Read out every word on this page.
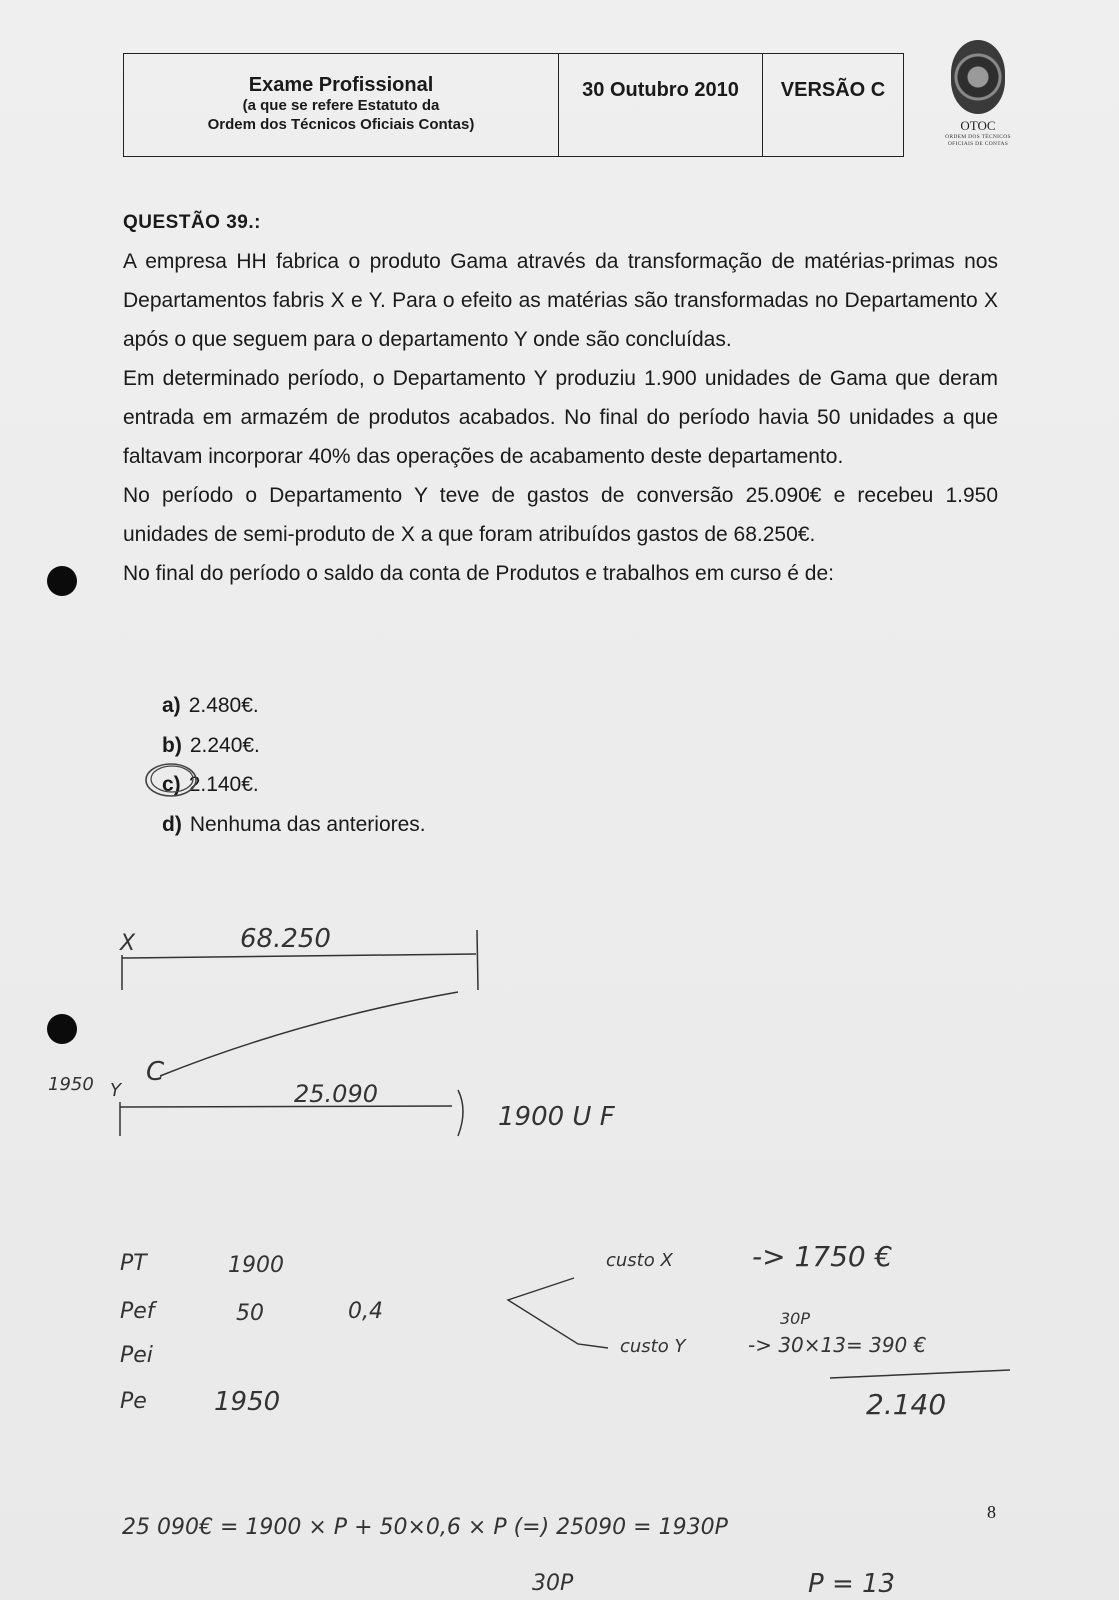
Exame Profissional
(a que se refere Estatuto da
Ordem dos Técnicos Oficiais Contas)
30 Outubro 2010	VERSÃO C
OTOC
ORDEM DOS TÉCNICOS
OFICIAIS DE CONTAS
QUESTÃO 39.:

A empresa HH fabrica o produto Gama através da transformação de matérias-primas nos Departamentos fabris X e Y. Para o efeito as matérias são transformadas no Departamento X após o que seguem para o departamento Y onde são concluídas.

Em determinado período, o Departamento Y produziu 1.900 unidades de Gama que deram entrada em armazém de produtos acabados. No final do período havia 50 unidades a que faltavam incorporar 40% das operações de acabamento deste departamento.

No período o Departamento Y teve de gastos de conversão 25.090€ e recebeu 1.950 unidades de semi-produto de X a que foram atribuídos gastos de 68.250€.

No final do período o saldo da conta de Produtos e trabalhos em curso é de:

a) 2.480€.
b) 2.240€.
c) 2.140€.
d) Nenhuma das anteriores.
X	68.250
C
1950 Y	25.090
1900 U F
PT	1900
Pef	50	0,4
Pei
Pe	1950
custo X	-> 1750 €
30P
custo Y	-> 30×13= 390 €
2.140
25 090€ = 1900 × P + 50×0,6 × P (=) 25090 = 1930P
30P	P = 13
8
